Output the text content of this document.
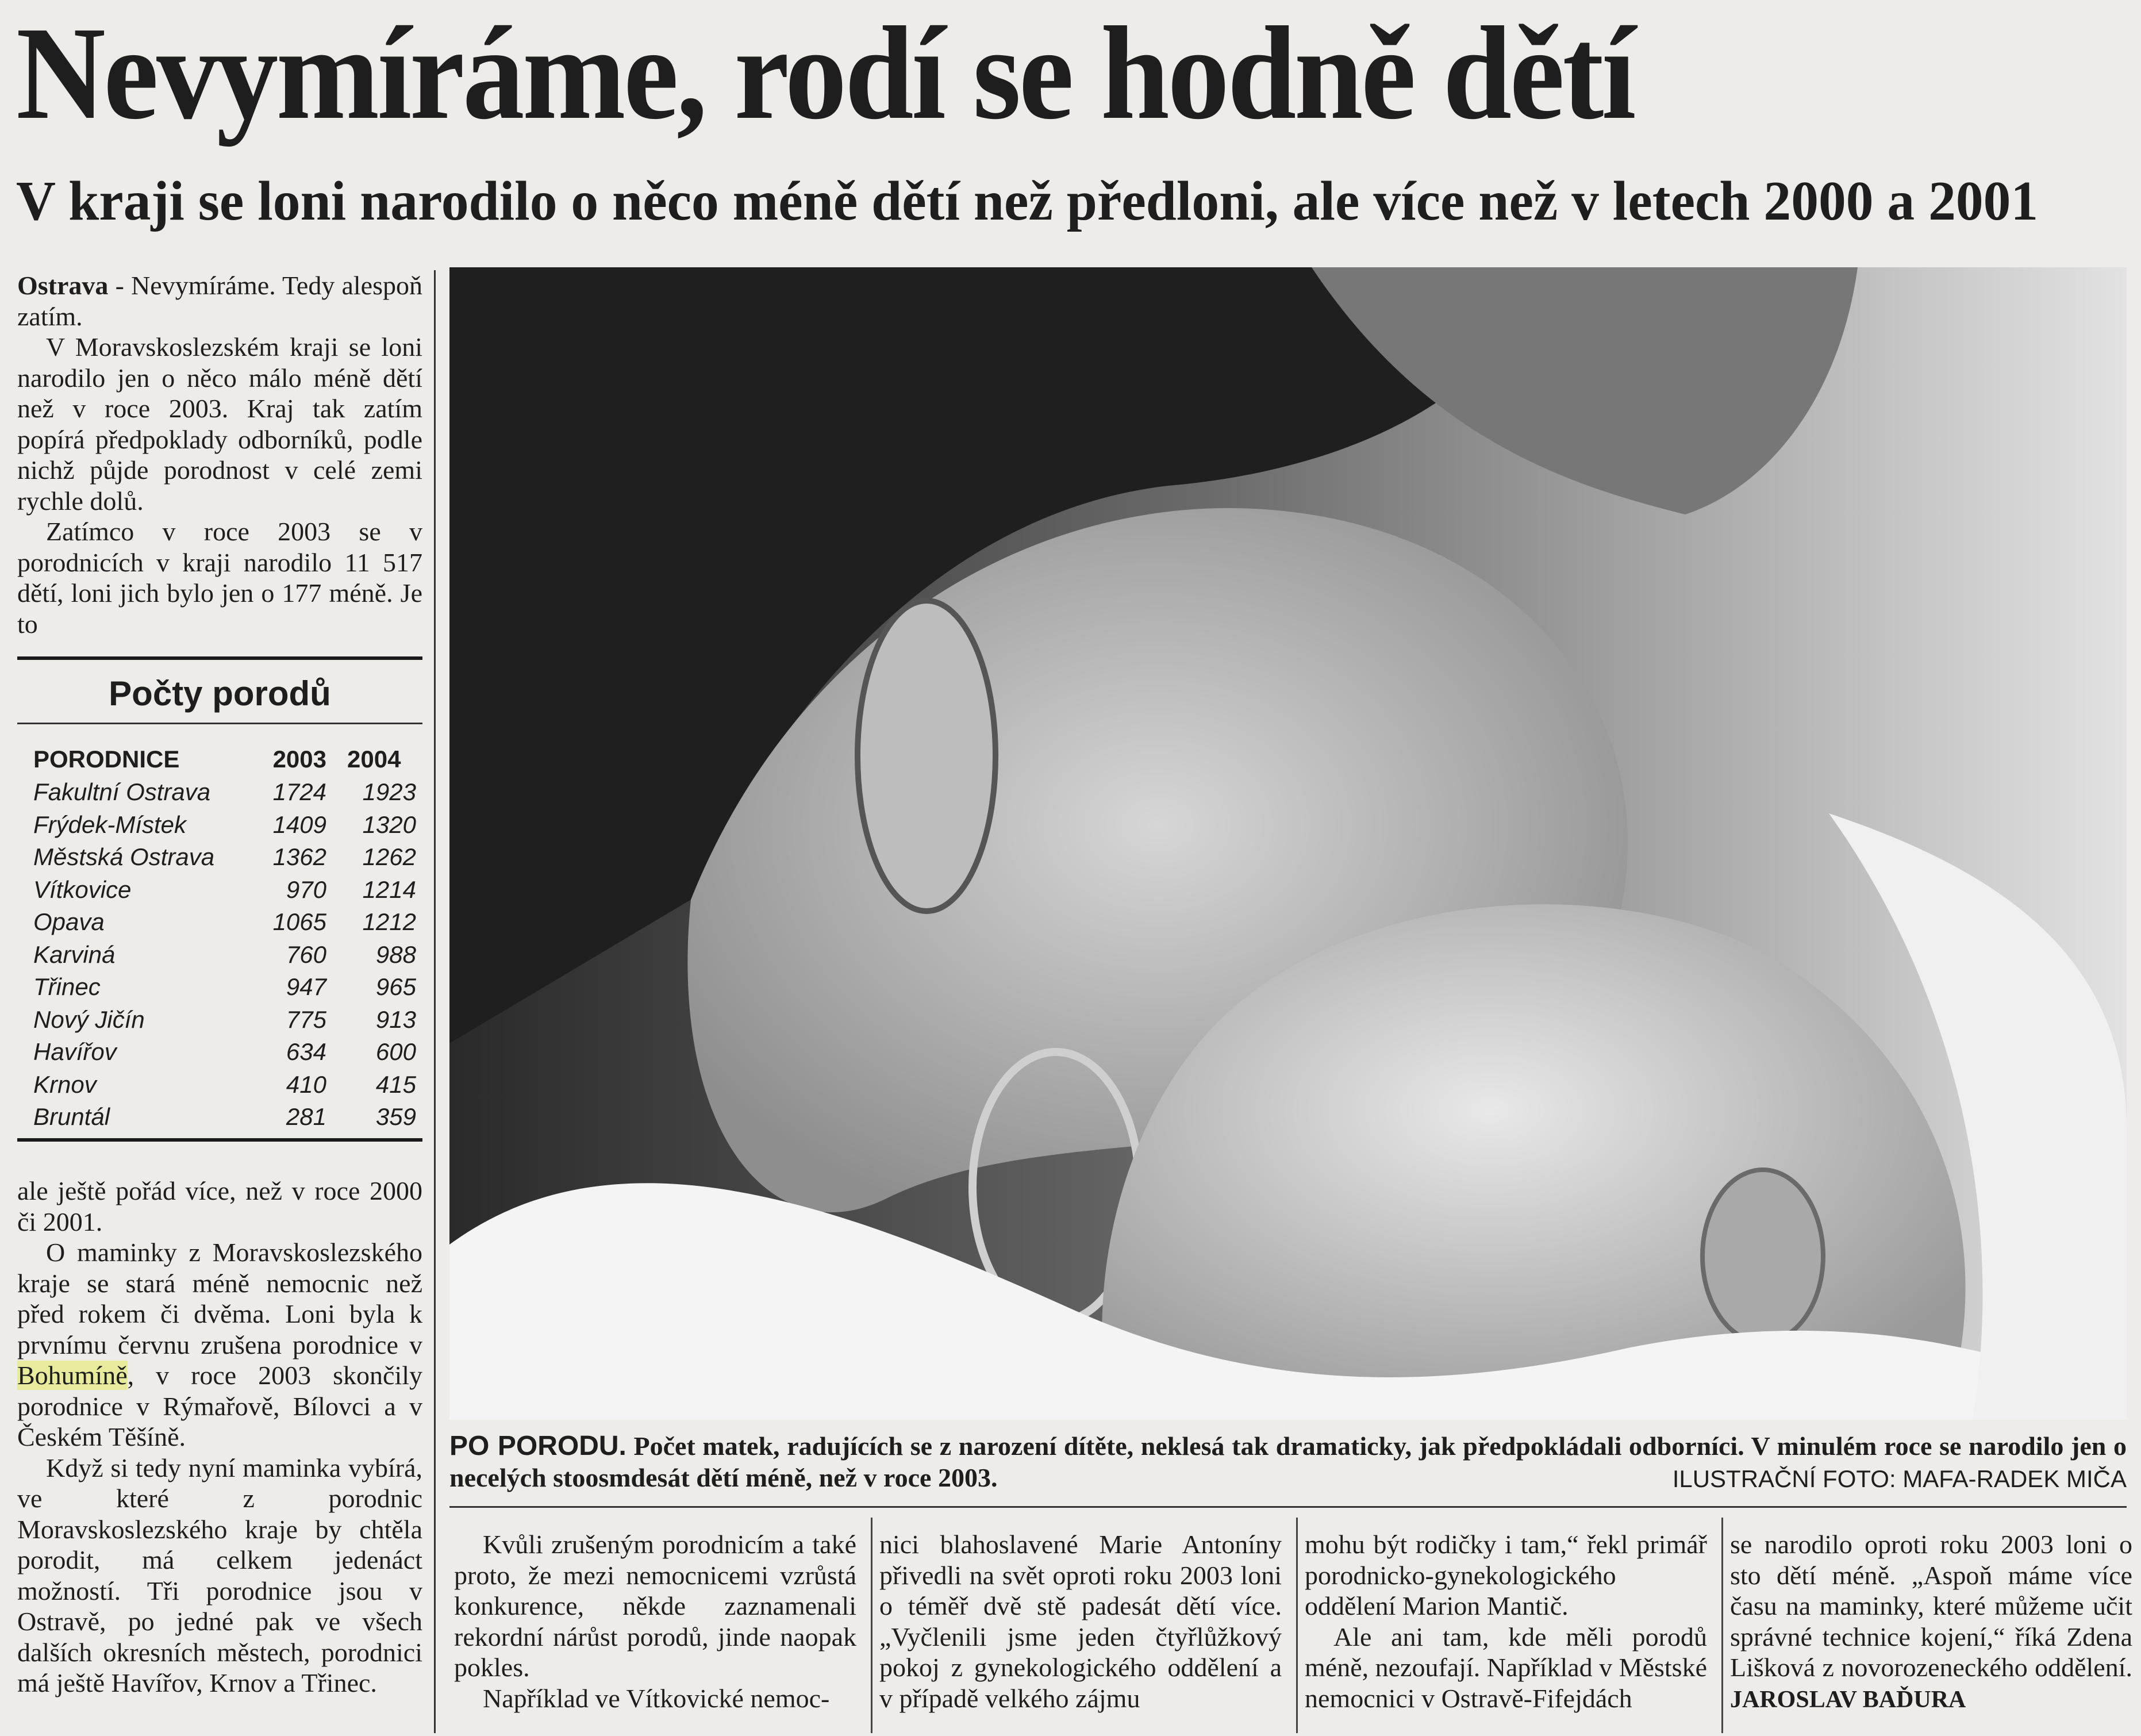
Nevymíráme, rodí se hodně dětí
V kraji se loni narodilo o něco méně dětí než předloni, ale více než v letech 2000 a 2001

Ostrava - Nevymíráme. Tedy alespoň zatím.

V Moravskoslezském kraji se loni narodilo jen o něco málo méně dětí než v roce 2003. Kraj tak zatím popírá předpoklady odborníků, podle nichž půjde porodnost v celé zemi rychle dolů.

Zatímco v roce 2003 se v porodnicích v kraji narodilo 11 517 dětí, loni jich bylo jen o 177 méně. Je to

Počty porodů
PORODNICE	2003 2004
Fakultní Ostrava	1724	1923
Frýdek-Místek	1409	1320
Městská Ostrava 1362	1262
Vítkovice	970	1214
Opava	1065	1212
Karviná	760	988
Třinec	947	965
Nový Jičín	775	913
Havířov	634	600
Krnov	410	415
Bruntál	281	359

ale ještě pořád více, než v roce 2000 či 2001.

O maminky z Moravskoslezského kraje se stará méně nemocnic než před rokem či dvěma. Loni byla k prvnímu červnu zrušena porodnice v Bohumíně, v roce 2003 skončily porodnice v Rýmařově, Bílovci a v Českém Těšíně.

Když si tedy nyní maminka vybírá, ve které z porodnic Moravskoslezského kraje by chtěla porodit, má celkem jedenáct možností. Tři porodnice jsou v Ostravě, po jedné pak ve všech dalších okresních městech, porodnici má ještě Havířov, Krnov a Třinec.

PO PORODU. Počet matek, radujících se z narození dítěte, neklesá tak dramaticky, jak předpokládali odborníci. V minulém roce se narodilo jen o necelých stoosmdesát dětí méně, než v roce 2003.	ILUSTRAČNÍ FOTO: MAFA-RADEK MIČA

Kvůli zrušeným porodnicím a také proto, že mezi nemocnicemi vzrůstá konkurence, někde zaznamenali rekordní nárůst porodů, jinde naopak pokles.

Například ve Vítkovické nemoc-

nici blahoslavené Marie Antoníny přivedli na svět oproti roku 2003 loni o téměř dvě stě padesát dětí více. „Vyčlenili jsme jeden čtyřlůžkový pokoj z gynekologického oddělení a v případě velkého zájmu

mohu být rodičky i tam,“ řekl primář porodnicko-gynekologického oddělení Marion Mantič.

Ale ani tam, kde měli porodů méně, nezoufají. Například v Městské nemocnici v Ostravě-Fifejdách

se narodilo oproti roku 2003 loni o sto dětí méně. „Aspoň máme více času na maminky, které můžeme učit správné technice kojení,“ říká Zdena Lišková z novorozeneckého oddělení. JAROSLAV BAĎURA
